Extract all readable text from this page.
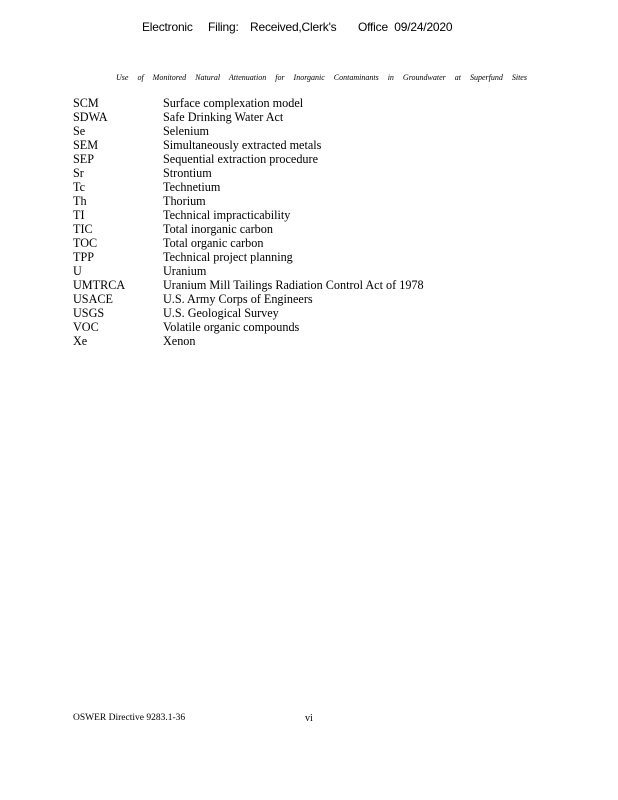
Electronic Filing: Received,Clerk's Office 09/24/2020
Use of Monitored Natural Attenuation for Inorganic Contaminants in Groundwater at Superfund Sites
SCM	Surface complexation model
SDWA	Safe Drinking Water Act
Se	Selenium
SEM	Simultaneously extracted metals
SEP	Sequential extraction procedure
Sr	Strontium
Tc	Technetium
Th	Thorium
TI	Technical impracticability
TIC	Total inorganic carbon
TOC	Total organic carbon
TPP	Technical project planning
U	Uranium
UMTRCA	Uranium Mill Tailings Radiation Control Act of 1978
USACE	U.S. Army Corps of Engineers
USGS	U.S. Geological Survey
VOC	Volatile organic compounds
Xe	Xenon
OSWER Directive 9283.1-36	vi
